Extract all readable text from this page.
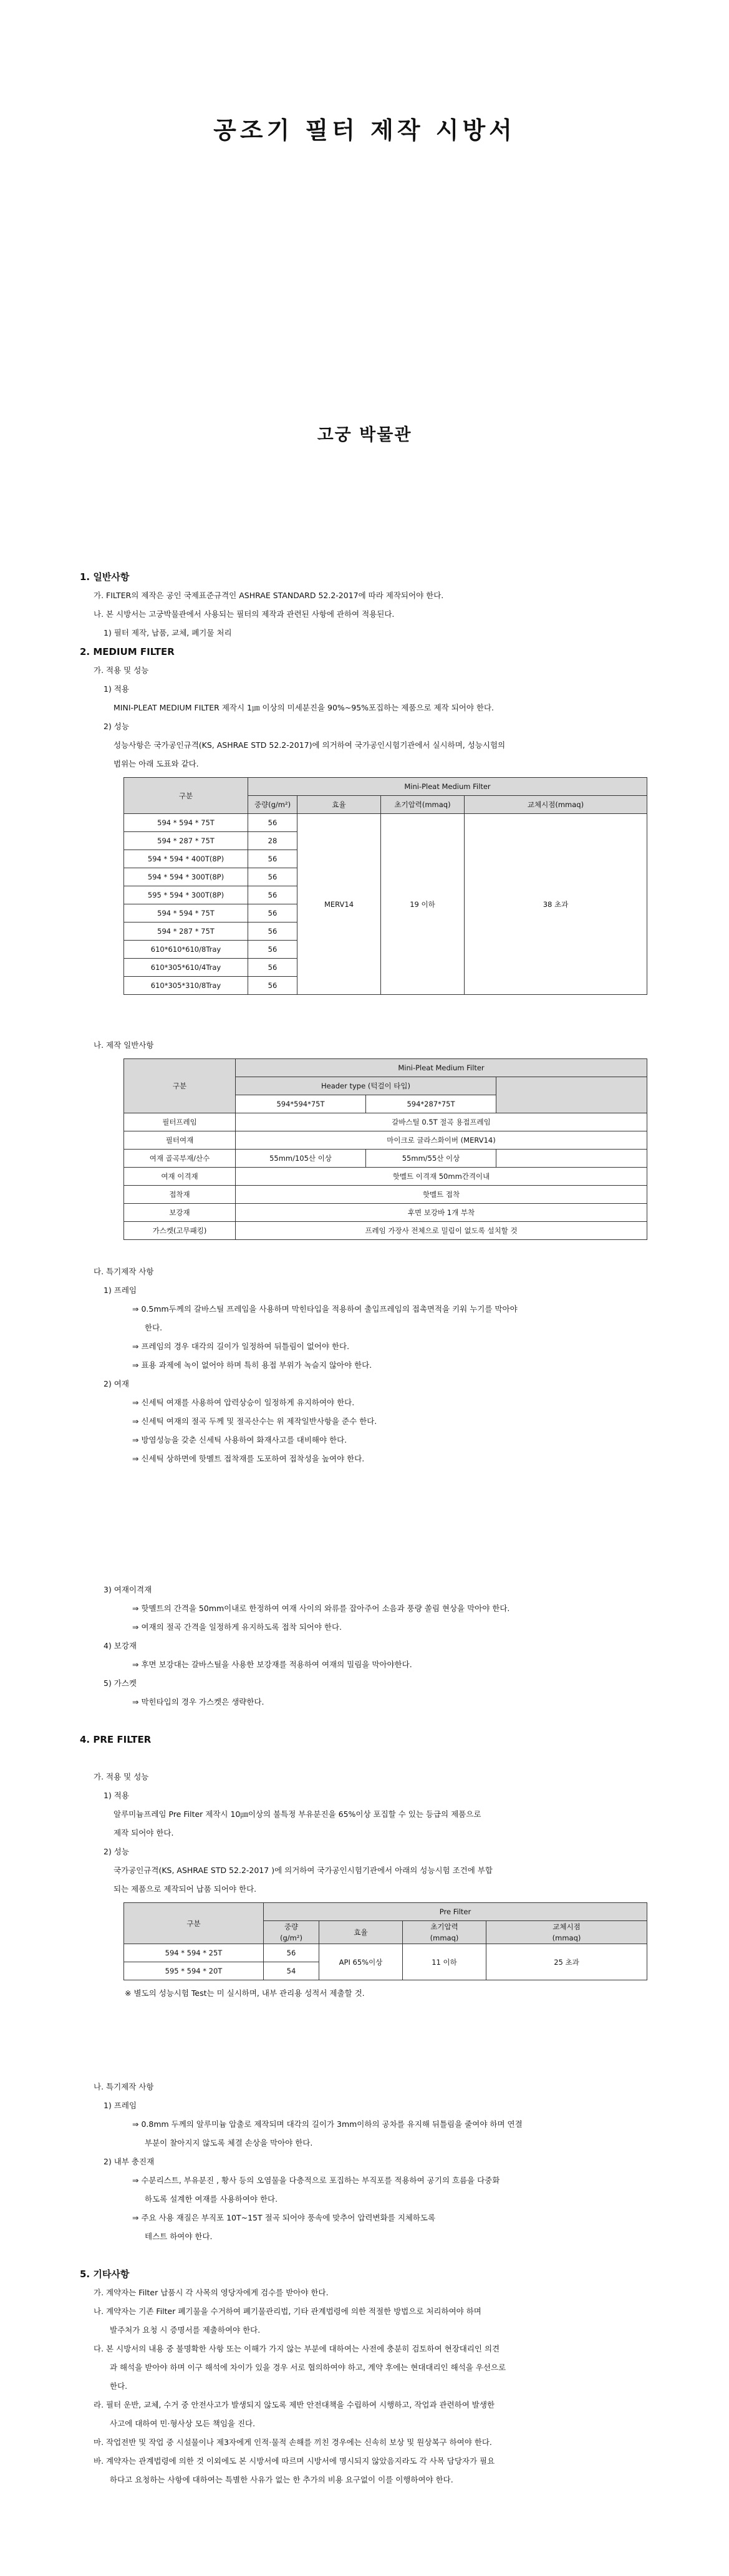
공조기 필터 제작 시방서
고궁 박물관

1. 일반사항

가. FILTER의 제작은 공인 국제표준규격인 ASHRAE STANDARD 52.2-2017에 따라 제작되어야 한다.

나. 본 시방서는 고궁박물관에서 사용되는 필터의 제작과 관련된 사항에 관하여 적용된다.

1) 필터 제작, 납품, 교체, 폐기물 처리

2. MEDIUM FILTER

가. 적용 및 성능

1) 적용

MINI-PLEAT MEDIUM FILTER 제작시 1㎛ 이상의 미세분진을 90%~95%포집하는 제품으로 제작 되어야 한다.

2) 성능

성능사항은 국가공인규격(KS, ASHRAE STD 52.2-2017)에 의거하여 국가공인시험기관에서 실시하며, 성능시험의

범위는 아래 도표와 같다.

구분	Mini-Pleat Medium Filter			
	중량(g/m²)	효율	초기압력(mmaq)	교체시점(mmaq)
594 * 594 * 75T	56	MERV14	19 이하	38 초과
594 * 287 * 75T	28			
594 * 594 * 400T(8P)	56			
594 * 594 * 300T(8P)	56			
595 * 594 * 300T(8P)	56			
594 * 594 * 75T	56			
594 * 287 * 75T	56			
610*610*610/8Tray	56			
610*305*610/4Tray	56			
610*305*310/8Tray	56			

나. 제작 일반사항

구분	Mini-Pleat Medium Filter		
	Header type (턱걸이 타입)		
	594*594*75T	594*287*75T	
필터프레임	갈바스틸 0.5T 절곡 용접프레임		
필터여재	마이크로 글라스화이버 (MERV14)		
여재 골곡부재/산수	55mm/105산 이상	55mm/55산 이상	
여재 이격재	핫멜트 이격재 50mm간격이내		
접착재	핫멜트 접착		
보강재	후면 보강바 1개 부착		
가스켓(고무패킹)	프레임 가장사 전체으로 밀림이 없도록 설치할 것		

다. 특기제작 사항

1) 프레임

⇒ 0.5mm두께의 갈바스틸 프레임을 사용하며 막힌타입을 적용하여 출입프레임의 접촉면적을 키워 누기를 막아야

한다.

⇒ 프레임의 경우 대각의 길이가 일정하여 뒤틀림이 없어야 한다.

⇒ 표용 과제에 녹이 없어야 하며 특히 용접 부위가 녹슬지 않아야 한다.

2) 여재

⇒ 신세틱 여재를 사용하여 압력상승이 일정하게 유지하여야 한다.

⇒ 신세틱 여재의 절곡 두께 및 절곡산수는 위 제작일반사항을 준수 한다.

⇒ 방염성능을 갖춘 신세틱 사용하여 화재사고를 대비해야 한다.

⇒ 신세틱 상하면에 핫멜트 접착재를 도포하여 접착성을 높여야 한다.

3) 여재이격재

⇒ 핫멜트의 간격을 50mm이내로 한정하여 여재 사이의 와류를 잡아주어 소음과 풍량 쏠림 현상을 막아야 한다.

⇒ 여재의 절곡 간격을 일정하게 유지하도록 접착 되어야 한다.

4) 보강재

⇒ 후면 보강대는 갈바스틸을 사용한 보강재를 적용하여 여재의 밀림을 막아야한다.

5) 가스켓

⇒ 막힌타입의 경우 가스켓은 생략한다.

4. PRE FILTER

가. 적용 및 성능

1) 적용

알루미늄프레임 Pre Filter 제작시 10㎛이상의 불특정 부유분진을 65%이상 포집할 수 있는 등급의 제품으로

제작 되어야 한다.

2) 성능

국가공인규격(KS, ASHRAE STD 52.2-2017 )에 의거하여 국가공인시험기관에서 아래의 성능시험 조건에 부합

되는 제품으로 제작되어 납품 되어야 한다.

구분	Pre Filter			
	중량
(g/m²)	효율	초기압력
(mmaq)	교체시점
(mmaq)
594 * 594 * 25T	56	API 65%이상	11 이하	25 초과
595 * 594 * 20T	54			

※ 별도의 성능시험 Test는 미 실시하며, 내부 관리용 성적서 제출할 것.

나. 특기제작 사항

1) 프레임

⇒ 0.8mm 두께의 알루미늄 압출로 제작되며 대각의 길이가 3mm이하의 공차를 유지해 뒤틀림을 줄여야 하며 연결

부분이 찰아지지 않도록 체결 손상을 막아야 한다.

2) 내부 충진재

⇒ 수분리스트, 부유분진 , 황사 등의 오염물을 다층적으로 포집하는 부직포를 적용하여 공기의 흐름을 다중화

하도록 설계한 여재를 사용하여야 한다.

⇒ 주요 사용 재질은 부직포 10T~15T 절곡 되어야 풍속에 맞추어 압력변화를 지체하도록

테스트 하여야 한다.

5. 기타사항

가. 계약자는 Filter 납품시 각 사목의 영당자에게 검수를 받아야 한다.

나. 계약자는 기존 Filter 폐기물을 수거하여 폐기물관리법, 기타 관계법령에 의한 적절한 방법으로 처리하여야 하며

발주처가 요청 시 증명서를 제출하여야 한다.

다. 본 시방서의 내용 중 불명확한 사항 또는 이해가 가지 않는 부분에 대하여는 사전에 충분히 검토하여 현장대리인 의견

과 해석을 받아야 하며 이구 해석에 차이가 있을 경우 서로 협의하여야 하고, 계약 후에는 현대대리인 해석을 우선으로

한다.

라. 필터 운반, 교체, 수거 중 안전사고가 발생되지 않도록 제반 안전대책을 수립하여 시행하고, 작업과 관련하여 발생한

사고에 대하여 민·형사상 모든 책임을 진다.

마. 작업전반 및 작업 중 시설물이나 제3자에게 인적·물적 손해를 끼친 경우에는 신속히 보상 및 원상복구 하여야 한다.

바. 계약자는 관계법령에 의한 것 이외에도 본 시방서에 따르며 시방서에 명시되지 않았음지라도 각 사목 담당자가 필요

하다고 요청하는 사항에 대하여는 특별한 사유가 없는 한 추가의 비용 요구없이 이를 이행하여야 한다.
